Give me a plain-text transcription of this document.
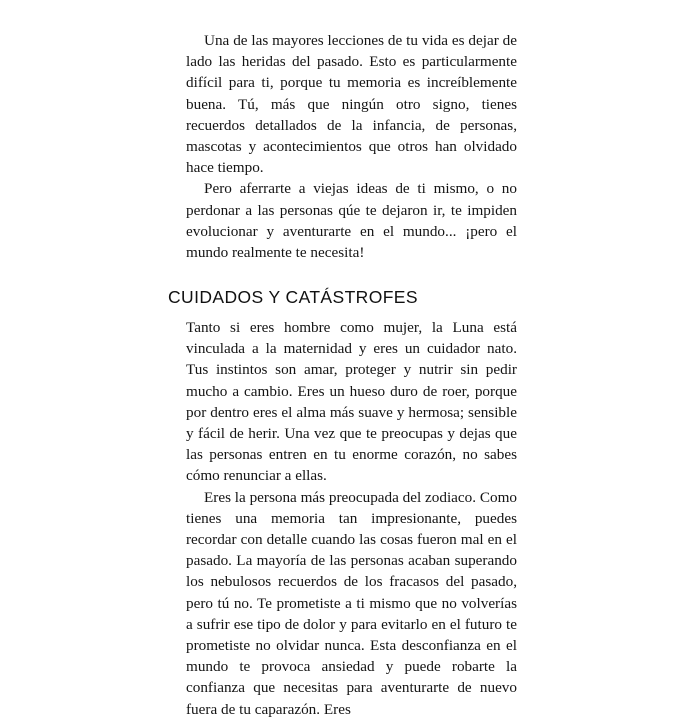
Una de las mayores lecciones de tu vida es dejar de lado las heridas del pasado. Esto es particularmente difícil para ti, porque tu memoria es increíblemente buena. Tú, más que ningún otro signo, tienes recuerdos detallados de la infancia, de personas, mascotas y acontecimientos que otros han olvidado hace tiempo.

Pero aferrarte a viejas ideas de ti mismo, o no perdonar a las personas qúe te dejaron ir, te impiden evolucionar y aventurarte en el mundo... ¡pero el mundo realmente te necesita!

CUIDADOS Y CATÁSTROFES

Tanto si eres hombre como mujer, la Luna está vinculada a la maternidad y eres un cuidador nato. Tus instintos son amar, proteger y nutrir sin pedir mucho a cambio. Eres un hueso duro de roer, porque por dentro eres el alma más suave y hermosa; sensible y fácil de herir. Una vez que te preocupas y dejas que las personas entren en tu enorme corazón, no sabes cómo renunciar a ellas.

Eres la persona más preocupada del zodiaco. Como tienes una memoria tan impresionante, puedes recordar con detalle cuando las cosas fueron mal en el pasado. La mayoría de las personas acaban superando los nebulosos recuerdos de los fracasos del pasado, pero tú no. Te prometiste a ti mismo que no volverías a sufrir ese tipo de dolor y para evitarlo en el futuro te prometiste no olvidar nunca. Esta desconfianza en el mundo te provoca ansiedad y puede robarte la confianza que necesitas para aventurarte de nuevo fuera de tu caparazón. Eres
